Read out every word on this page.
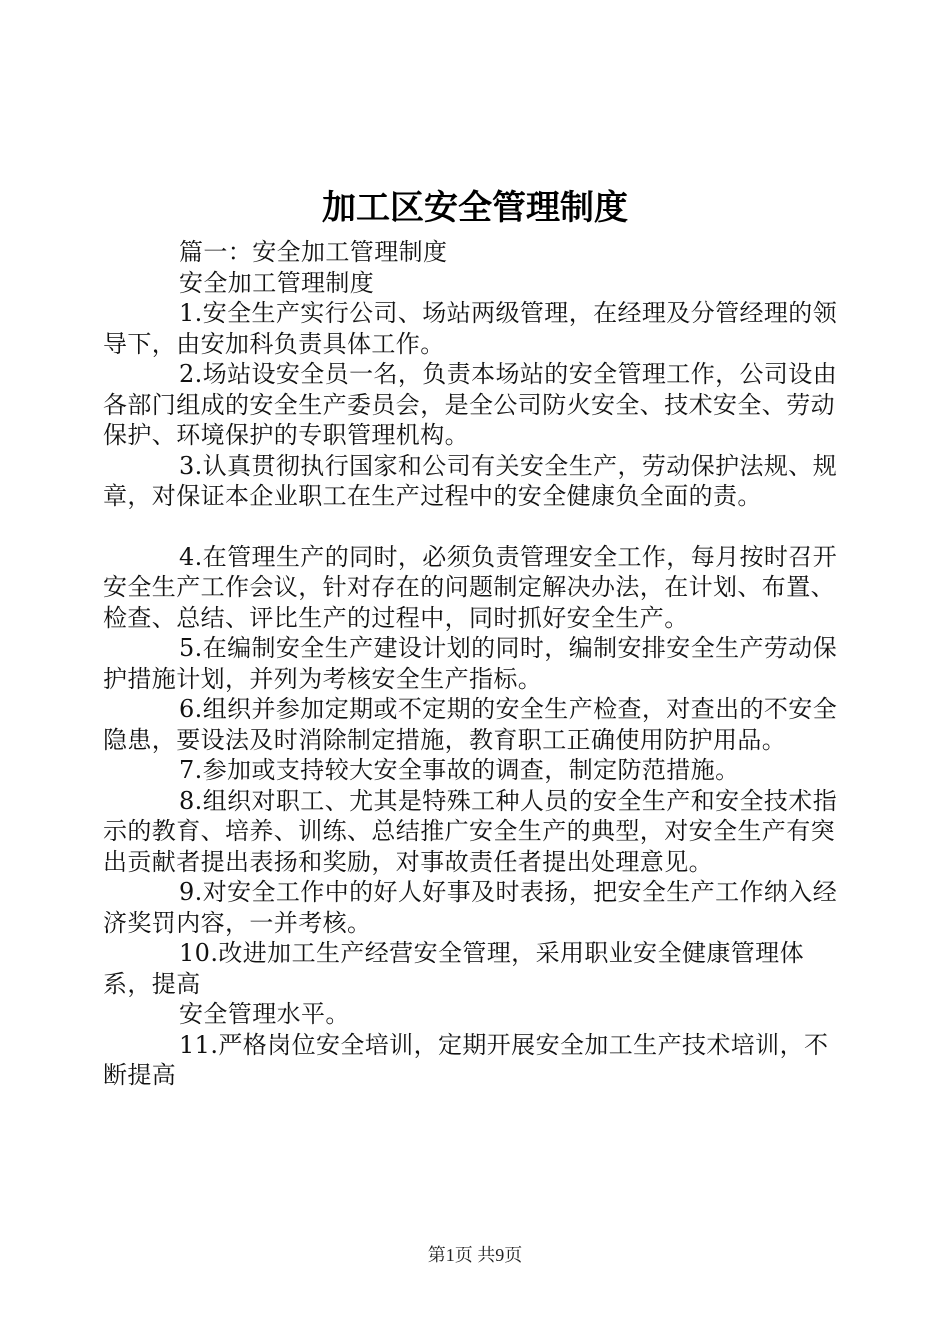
加工区安全管理制度

篇一：安全加工管理制度

安全加工管理制度

1.安全生产实行公司、场站两级管理，在经理及分管经理的领导下，由安加科负责具体工作。

2.场站设安全员一名，负责本场站的安全管理工作，公司设由各部门组成的安全生产委员会，是全公司防火安全、技术安全、劳动保护、环境保护的专职管理机构。

3.认真贯彻执行国家和公司有关安全生产，劳动保护法规、规章，对保证本企业职工在生产过程中的安全健康负全面的责。

4.在管理生产的同时，必须负责管理安全工作，每月按时召开安全生产工作会议，针对存在的问题制定解决办法，在计划、布置、检查、总结、评比生产的过程中，同时抓好安全生产。

5.在编制安全生产建设计划的同时，编制安排安全生产劳动保护措施计划，并列为考核安全生产指标。

6.组织并参加定期或不定期的安全生产检查，对查出的不安全隐患，要设法及时消除制定措施，教育职工正确使用防护用品。

7.参加或支持较大安全事故的调查，制定防范措施。

8.组织对职工、尤其是特殊工种人员的安全生产和安全技术指示的教育、培养、训练、总结推广安全生产的典型，对安全生产有突出贡献者提出表扬和奖励，对事故责任者提出处理意见。

9.对安全工作中的好人好事及时表扬，把安全生产工作纳入经济奖罚内容，一并考核。

10.改进加工生产经营安全管理，采用职业安全健康管理体系，提高

安全管理水平。

11.严格岗位安全培训，定期开展安全加工生产技术培训，不断提高

第1页 共9页
